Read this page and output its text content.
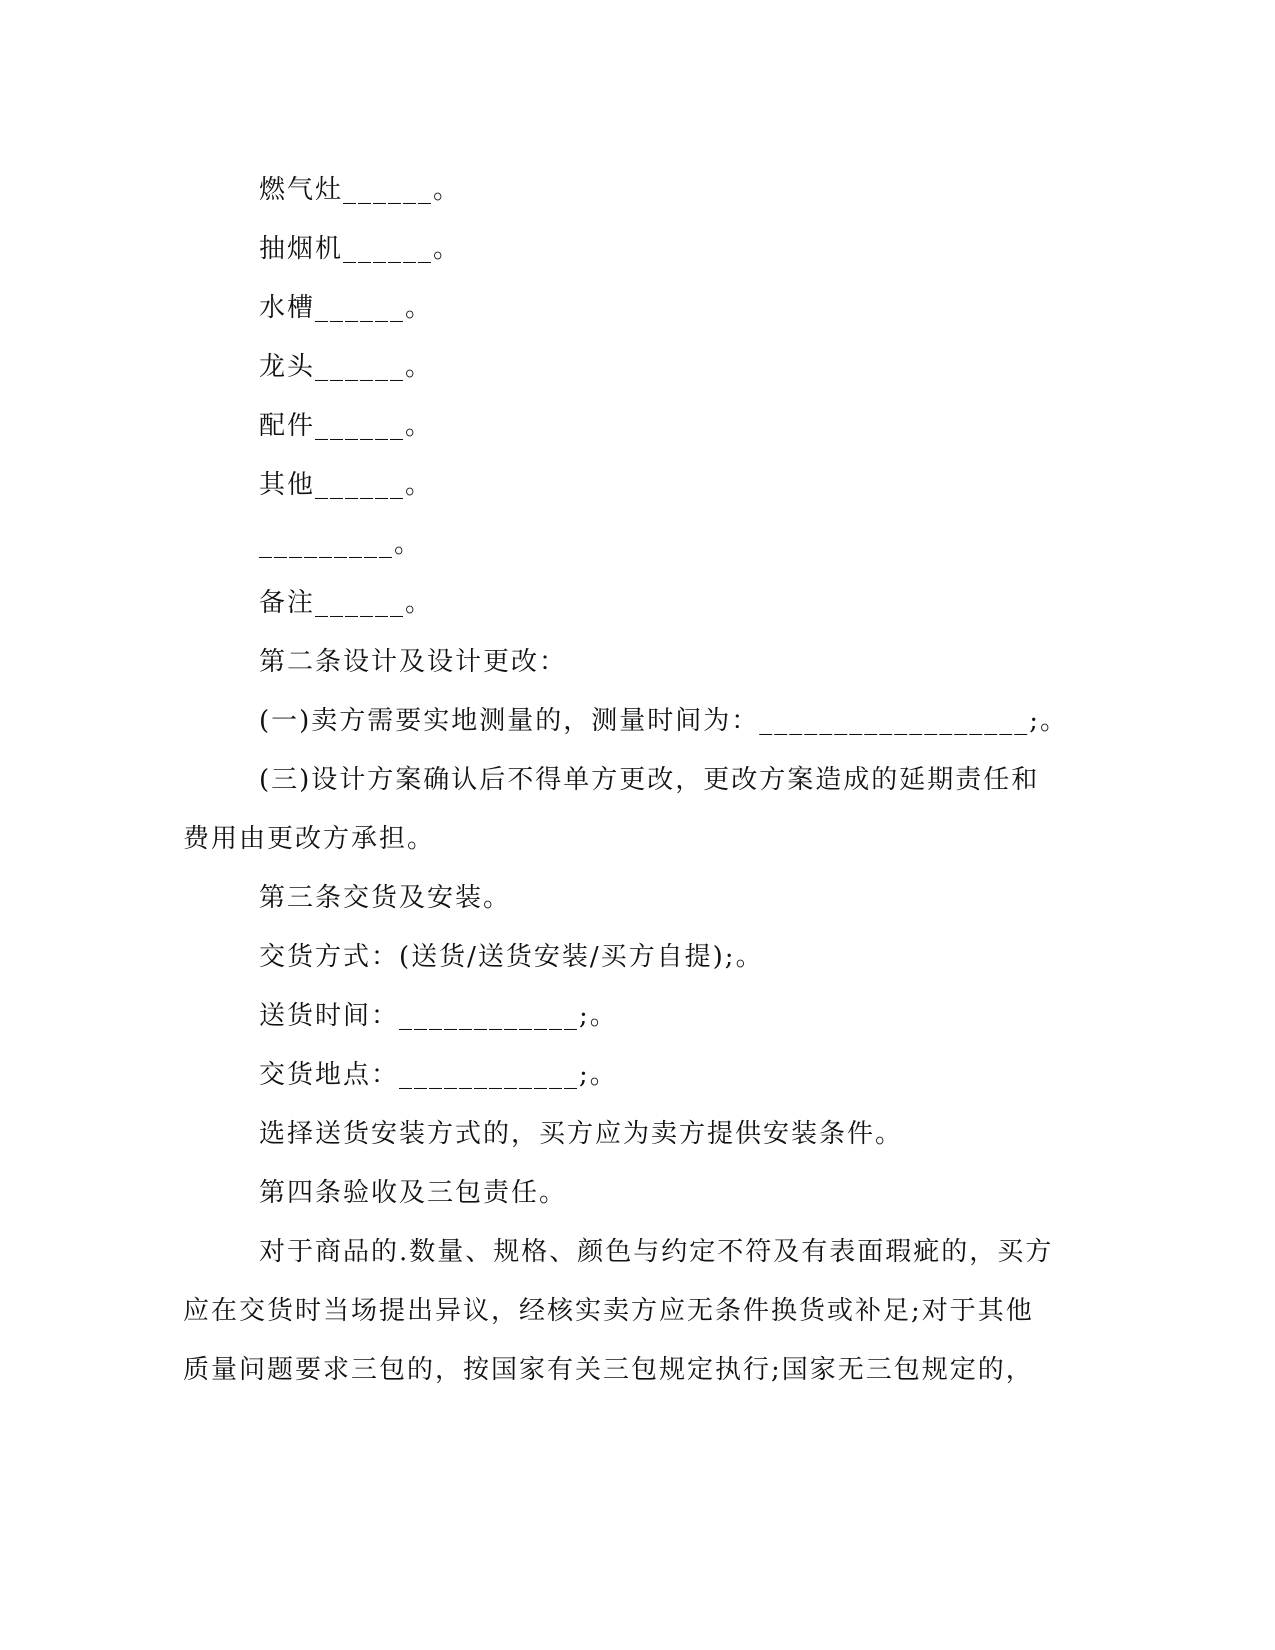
燃气灶______。
抽烟机______。
水槽______。
龙头______。
配件______。
其他______。
_________。
备注______。
第二条设计及设计更改：
(一)卖方需要实地测量的，测量时间为：__________________;。
(三)设计方案确认后不得单方更改，更改方案造成的延期责任和
费用由更改方承担。
第三条交货及安装。
交货方式：(送货/送货安装/买方自提);。
送货时间：____________;。
交货地点：____________;。
选择送货安装方式的，买方应为卖方提供安装条件。
第四条验收及三包责任。
对于商品的.数量、规格、颜色与约定不符及有表面瑕疵的，买方
应在交货时当场提出异议，经核实卖方应无条件换货或补足;对于其他
质量问题要求三包的，按国家有关三包规定执行;国家无三包规定的，
